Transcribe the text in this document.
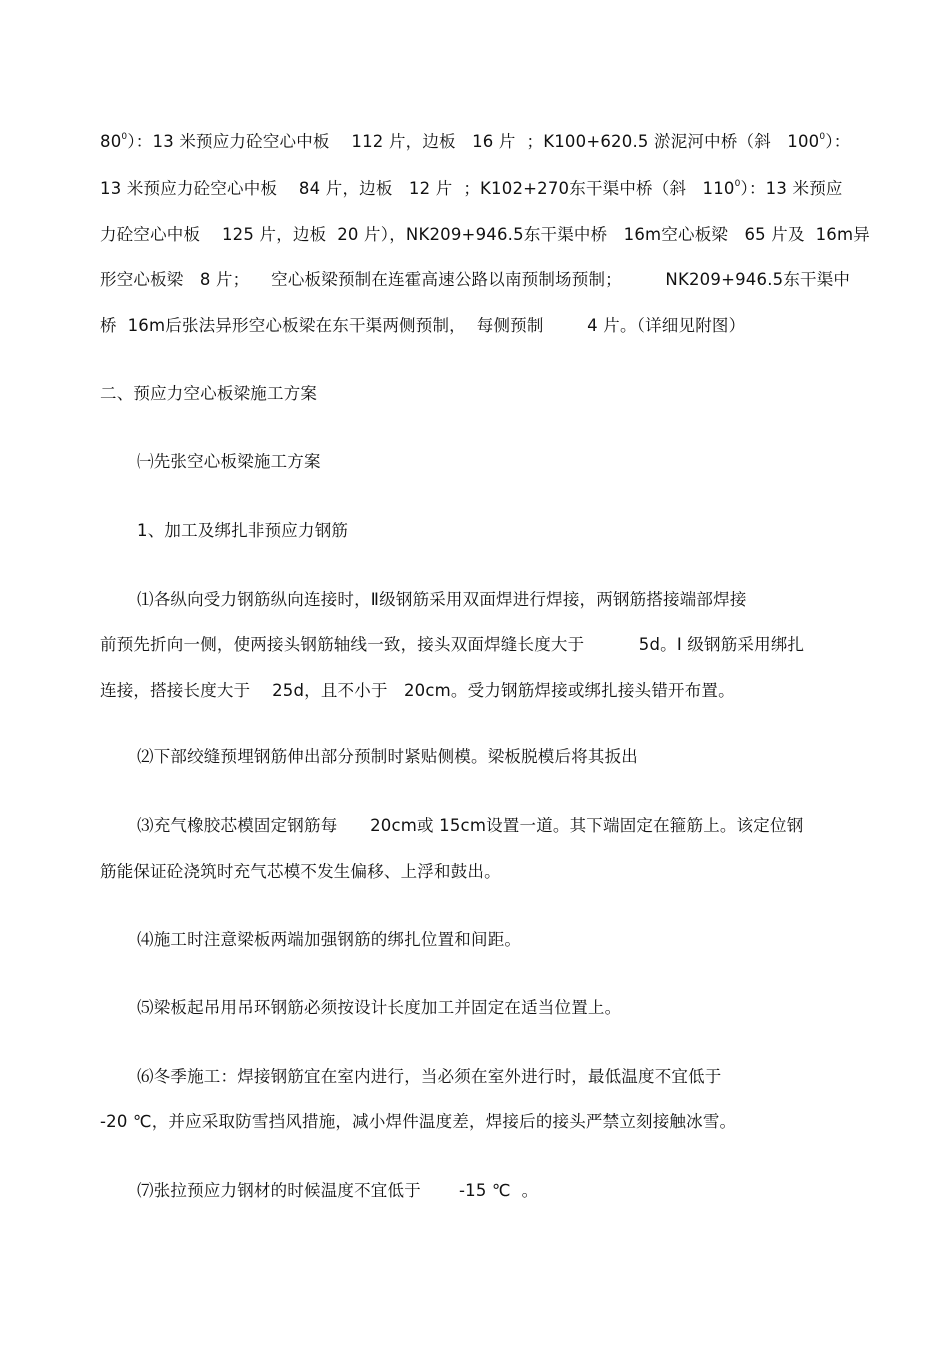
$80^0$）：13 米预应力砼空心中板    112 片，边板   16 片  ；K100+620.5 淤泥河中桥（斜   $100^0$）：
13 米预应力砼空心中板    84 片，边板   12 片  ；K102+270东干渠中桥（斜   $110^0$）：13 米预应
力砼空心中板    125 片，边板  20 片），NK209+946.5东干渠中桥   16m空心板梁   65 片及  16m异
形空心板梁   8 片；    空心板梁预制在连霍高速公路以南预制场预制；        NK209+946.5东干渠中
桥  16m后张法异形空心板梁在东干渠两侧预制，  每侧预制        4 片。（详细见附图）
二、预应力空心板梁施工方案
㈠先张空心板梁施工方案
1、加工及绑扎非预应力钢筋
⑴各纵向受力钢筋纵向连接时，Ⅱ级钢筋采用双面焊进行焊接，两钢筋搭接端部焊接
前预先折向一侧，使两接头钢筋轴线一致，接头双面焊缝长度大于          5d。Ⅰ 级钢筋采用绑扎
连接，搭接长度大于    25d，且不小于   20cm。受力钢筋焊接或绑扎接头错开布置。
⑵下部绞缝预埋钢筋伸出部分预制时紧贴侧模。梁板脱模后将其扳出
⑶充气橡胶芯模固定钢筋每      20cm或 15cm设置一道。其下端固定在箍筋上。该定位钢
筋能保证砼浇筑时充气芯模不发生偏移、上浮和鼓出。
⑷施工时注意梁板两端加强钢筋的绑扎位置和间距。
⑸梁板起吊用吊环钢筋必须按设计长度加工并固定在适当位置上。
⑹冬季施工：焊接钢筋宜在室内进行，当必须在室外进行时，最低温度不宜低于
-20 ℃，并应采取防雪挡风措施，减小焊件温度差，焊接后的接头严禁立刻接触冰雪。
⑺张拉预应力钢材的时候温度不宜低于       -15 ℃  。
